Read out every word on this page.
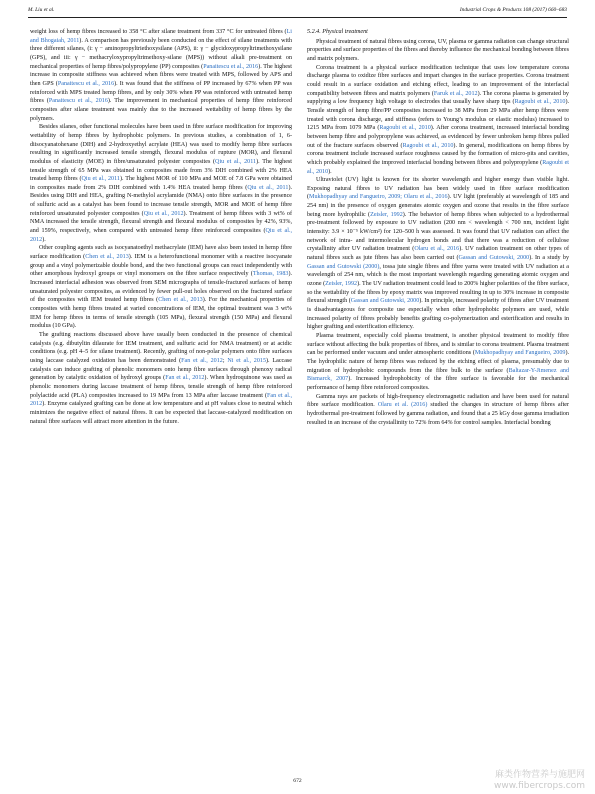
M. Liu et al.	Industrial Crops & Products 108 (2017) 660–683

weight loss of hemp fibres increased to 358 °C after silane treatment from 337 °C for untreated fibres (Li and Bhogaiah, 2011). A comparison has previously been conducted on the effect of silane treatments with three different silanes, (i: γ − aminopropyltriethoxysilane (APS), ii: γ − glycidoxypropyltrimethoxysilane (GPS), and iii: γ − methacryloxypropyltrimethoxy-silane (MPS)) without alkali pre-treatment on mechanical properties of hemp fibres/polypropylene (PP) composites (Panaitescu et al., 2016). The highest increase in composite stiffness was achieved when fibres were treated with MPS, followed by APS and then GPS (Panaitescu et al., 2016). It was found that the stiffness of PP increased by 67% when PP was reinforced with MPS treated hemp fibres, and by only 30% when PP was reinforced with untreated hemp fibres (Panaitescu et al., 2016). The improvement in mechanical properties of hemp fibre reinforced composites after silane treatment was mainly due to the increased wettability of hemp fibres by the polymers.

Besides silanes, other functional molecules have been used in fibre surface modification for improving wettability of hemp fibres by hydrophobic polymers. In previous studies, a combination of 1, 6- diisocyanatohexane (DIH) and 2-hydroxyethyl acrylate (HEA) was used to modify hemp fibre surfaces resulting in significantly increased tensile strength, flexural modulus of rupture (MOR), and flexural modulus of elasticity (MOE) in fibre/unsaturated polyester composites (Qiu et al., 2011). The highest tensile strength of 65 MPa was obtained in composites made from 3% DIH combined with 2% HEA treated hemp fibres (Qiu et al., 2011). The highest MOR of 110 MPa and MOE of 7.8 GPa were obtained in composites made from 2% DIH combined with 1.4% HEA treated hemp fibres (Qiu et al., 2011). Besides using DIH and HEA, grafting N-methylol acrylamide (NMA) onto fibre surfaces in the presence of sulfuric acid as a catalyst has been found to increase tensile strength, MOR and MOE of hemp fibre reinforced unsaturated polyester composites (Qiu et al., 2012). Treatment of hemp fibres with 3 wt% of NMA increased the tensile strength, flexural strength and flexural modulus of composites by 42%, 93%, and 159%, respectively, when compared with untreated hemp fibre reinforced composites (Qiu et al., 2012).

Other coupling agents such as isocyanatoethyl methacrylate (IEM) have also been tested in hemp fibre surface modification (Chen et al., 2013). IEM is a heterofunctional monomer with a reactive isocyanate group and a vinyl polymerizable double bond, and the two functional groups can react independently with other amorphous hydroxyl groups or vinyl monomers on the fibre surface respectively (Thomas, 1983). Increased interfacial adhesion was observed from SEM micrographs of tensile-fractured surfaces of hemp unsaturated polyester composites, as evidenced by fewer pull-out holes observed on the fractured surface of the composites with IEM treated hemp fibres (Chen et al., 2013). For the mechanical properties of composites with hemp fibres treated at varied concentrations of IEM, the optimal treatment was 3 wt% IEM for hemp fibres in terms of tensile strength (105 MPa), flexural strength (150 MPa) and flexural modulus (10 GPa).

The grafting reactions discussed above have usually been conducted in the presence of chemical catalysts (e.g. dibutyltin dilaurate for IEM treatment, and sulfuric acid for NMA treatment) or at acidic conditions (e.g. pH 4–5 for silane treatment). Recently, grafting of non-polar polymers onto fibre surfaces using laccase catalyzed oxidation has been demonstrated (Fan et al., 2012; Ni et al., 2015). Laccase catalysis can induce grafting of phenolic monomers onto hemp fibre surfaces through phenoxy radical generation by catalytic oxidation of hydroxyl groups (Fan et al., 2012). When hydroquinone was used as phenolic monomers during laccase treatment of hemp fibres, tensile strength of hemp fibre reinforced polylactide acid (PLA) composites increased to 19 MPa from 13 MPa after laccase treatment (Fan et al., 2012). Enzyme catalyzed grafting can be done at low temperature and at pH values close to neutral which minimizes the negative effect of natural fibres. It can be expected that laccase-catalyzed modification on natural fibre surfaces will attract more attention in the future.

5.2.4. Physical treatment

Physical treatment of natural fibres using corona, UV, plasma or gamma radiation can change structural properties and surface properties of the fibres and thereby influence the mechanical bonding between fibres and matrix polymers.

Corona treatment is a physical surface modification technique that uses low temperature corona discharge plasma to oxidize fibre surfaces and impart changes in the surface properties. Corona treatment could result in a surface oxidation and etching effect, leading to an improvement of the interfacial compatibility between fibres and matrix polymers (Faruk et al., 2012). The corona plasma is generated by supplying a low frequency high voltage to electrodes that usually have sharp tips (Ragoubi et al., 2010). Tensile strength of hemp fibre/PP composites increased to 38 MPa from 29 MPa after hemp fibres were treated with corona discharge, and stiffness (refers to Young’s modulus or elastic modulus) increased to 1215 MPa from 1079 MPa (Ragoubi et al., 2010). After corona treatment, increased interfacial bonding between hemp fibre and polypropylene was achieved, as evidenced by fewer unbroken hemp fibres pulled out of the fracture surfaces observed (Ragoubi et al., 2010). In general, modifications on hemp fibres by corona treatment include increased surface roughness caused by the formation of micro-pits and cavities, which probably explained the improved interfacial bonding between fibres and polypropylene (Ragoubi et al., 2010).

Ultraviolet (UV) light is known for its shorter wavelength and higher energy than visible light. Exposing natural fibres to UV radiation has been widely used in fibre surface modification (Mukhopadhyay and Fangueiro, 2009; Olaru et al., 2016). UV light (preferably at wavelength of 185 and 254 nm) in the presence of oxygen generates atomic oxygen and ozone that results in the fibre surface being more hydrophilic (Zeisler, 1992). The behavior of hemp fibres when subjected to a hydrothermal pre-treatment followed by exposure to UV radiation (200 nm < wavelength < 700 nm, incident light intensity: 3.9 × 10⁻⁵ kW/cm²) for 120–500 h was assessed. It was found that UV radiation can affect the network of intra- and intermolecular hydrogen bonds and that there was a reduction of cellulose crystallinity after UV radiation treatment (Olaru et al., 2016). UV radiation treatment on other types of natural fibres such as jute fibres has also been carried out (Gassan and Gutowski, 2000). In a study by Gassan and Gutowski (2000), tossa jute single fibres and fibre yarns were treated with UV radiation at a wavelength of 254 nm, which is the most important wavelength regarding generating atomic oxygen and ozone (Zeisler, 1992). The UV radiation treatment could lead to 200% higher polarities of the fibre surface, so the wettability of the fibres by epoxy matrix was improved resulting in up to 30% increase in composite flexural strength (Gassan and Gutowski, 2000). In principle, increased polarity of fibres after UV treatment is disadvantageous for composite use especially when other hydrophobic polymers are used, while increased polarity of fibres probably benefits grafting co-polymerization and esterification and results in higher grafting and esterification efficiency.

Plasma treatment, especially cold plasma treatment, is another physical treatment to modify fibre surface without affecting the bulk properties of fibres, and is similar to corona treatment. Plasma treatment can be performed under vacuum and under atmospheric conditions (Mukhopadhyay and Fangueiro, 2009). The hydrophilic nature of hemp fibres was reduced by the etching effect of plasma, presumably due to migration of hydrophobic compounds from the fibre bulk to the surface (Baltazar-Y-Jimenez and Bismarck, 2007). Increased hydrophobicity of the fibre surface is favorable for the mechanical performance of hemp fibre reinforced composites.

Gamma rays are packets of high-frequency electromagnetic radiation and have been used for natural fibre surface modification. Olaru et al. (2016) studied the changes in structure of hemp fibres after hydrothermal pre-treatment followed by gamma radiation, and found that a 25 kGy dose gamma irradiation resulted in an increase of the crystallinity to 72% from 64% for control samples. Interfacial bonding

672
麻类作物营养与施肥网
www.fibercrops.com
